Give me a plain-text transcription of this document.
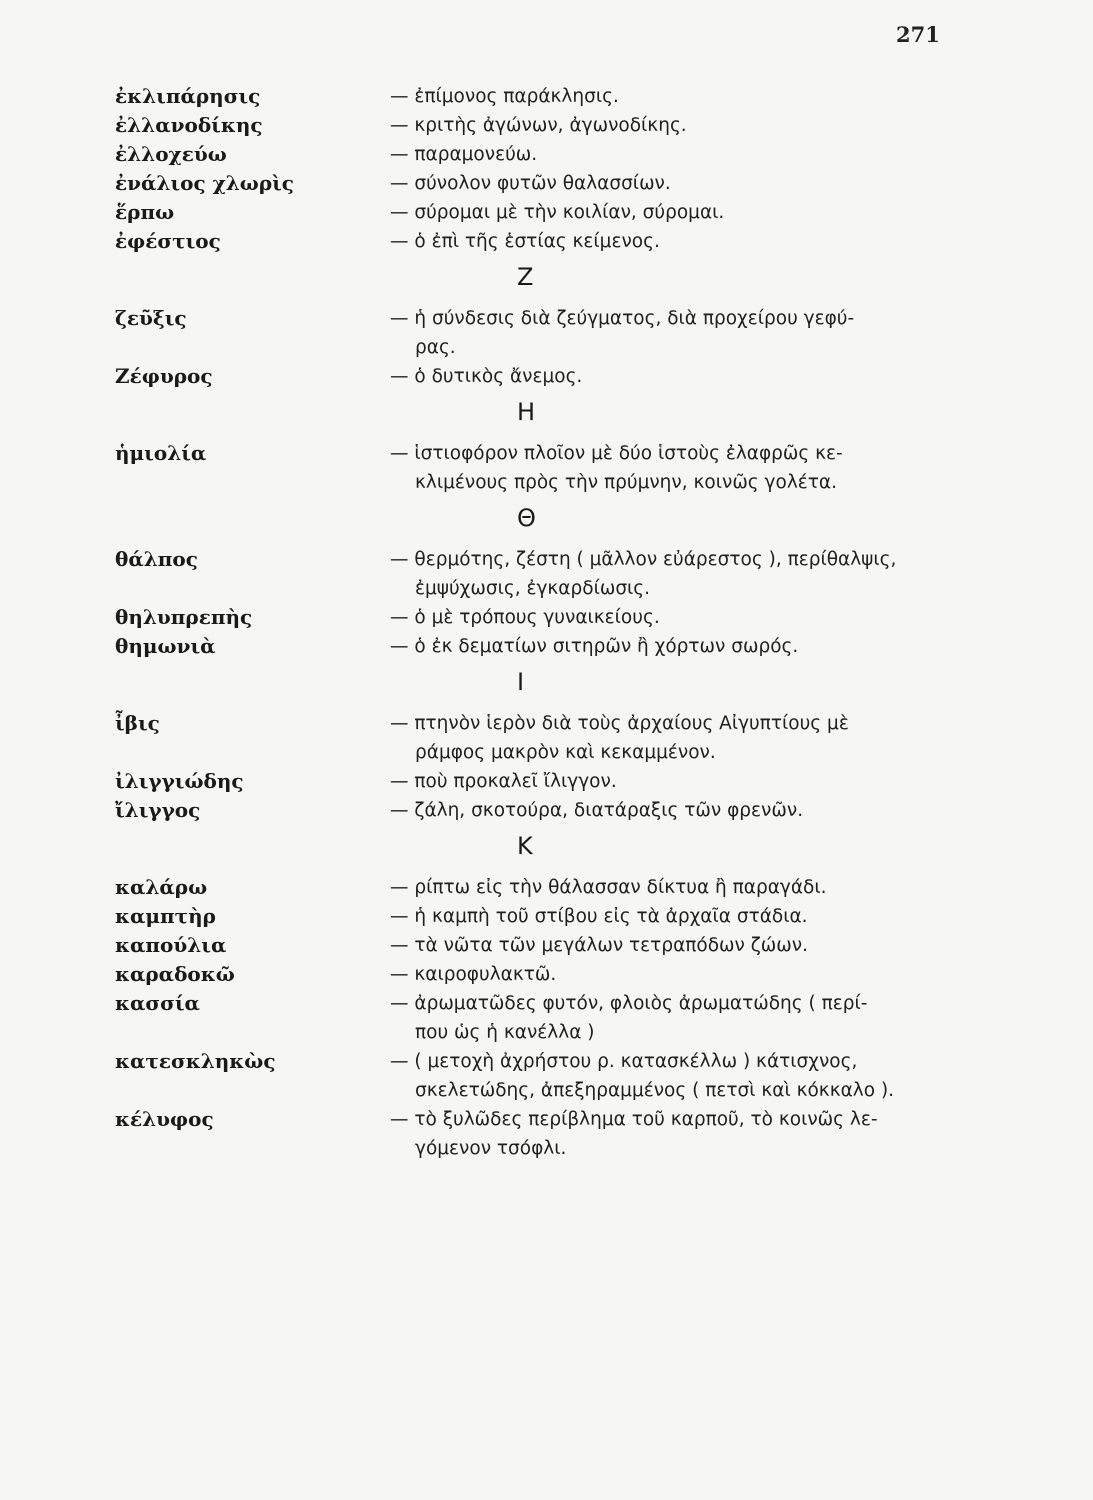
271
ἐκλιπάρησις	— ἐπίμονος παράκλησις.
ἐλλανοδίκης	— κριτὴς ἀγώνων, ἀγωνοδίκης.
ἐλλοχεύω	— παραμονεύω.
ἐνάλιος χλωρὶς	— σύνολον φυτῶν θαλασσίων.
ἕρπω	— σύρομαι μὲ τὴν κοιλίαν, σύρομαι.
ἐφέστιος	— ὁ ἐπὶ τῆς ἑστίας κείμενος.
Ζ
ζεῦξις	— ἡ σύνδεσις διὰ ζεύγματος, διὰ προχείρου γεφύ-
ρας.
Ζέφυρος	— ὁ δυτικὸς ἄνεμος.
Η
ἡμιολία	— ἱστιοφόρον πλοῖον μὲ δύο ἱστοὺς ἐλαφρῶς κε-
κλιμένους πρὸς τὴν πρύμνην, κοινῶς γολέτα.
Θ
θάλπος	— θερμότης, ζέστη ( μᾶλλον εὐάρεστος ), περίθαλψις,
ἐμψύχωσις, ἐγκαρδίωσις.
θηλυπρεπὴς	— ὁ μὲ τρόπους γυναικείους.
θημωνιὰ	— ὁ ἐκ δεματίων σιτηρῶν ἢ χόρτων σωρός.
Ι
ἶβις	— πτηνὸν ἱερὸν διὰ τοὺς ἀρχαίους Αἰγυπτίους μὲ
ράμφος μακρὸν καὶ κεκαμμένον.
ἰλιγγιώδης	— ποὺ προκαλεῖ ἴλιγγον.
ἴλιγγος	— ζάλη, σκοτούρα, διατάραξις τῶν φρενῶν.
Κ
καλάρω	— ρίπτω εἰς τὴν θάλασσαν δίκτυα ἢ παραγάδι.
καμπτὴρ	— ἡ καμπὴ τοῦ στίβου εἰς τὰ ἀρχαῖα στάδια.
καπούλια	— τὰ νῶτα τῶν μεγάλων τετραπόδων ζώων.
καραδοκῶ	— καιροφυλακτῶ.
κασσία	— ἀρωματῶδες φυτόν, φλοιὸς ἀρωματώδης ( περί-
που ὡς ἡ κανέλλα )
κατεσκληκὼς	— ( μετοχὴ ἀχρήστου ρ. κατασκέλλω ) κάτισχνος,
σκελετώδης, ἀπεξηραμμένος ( πετσὶ καὶ κόκκαλο ).
κέλυφος	— τὸ ξυλῶδες περίβλημα τοῦ καρποῦ, τὸ κοινῶς λε-
γόμενον τσόφλι.
